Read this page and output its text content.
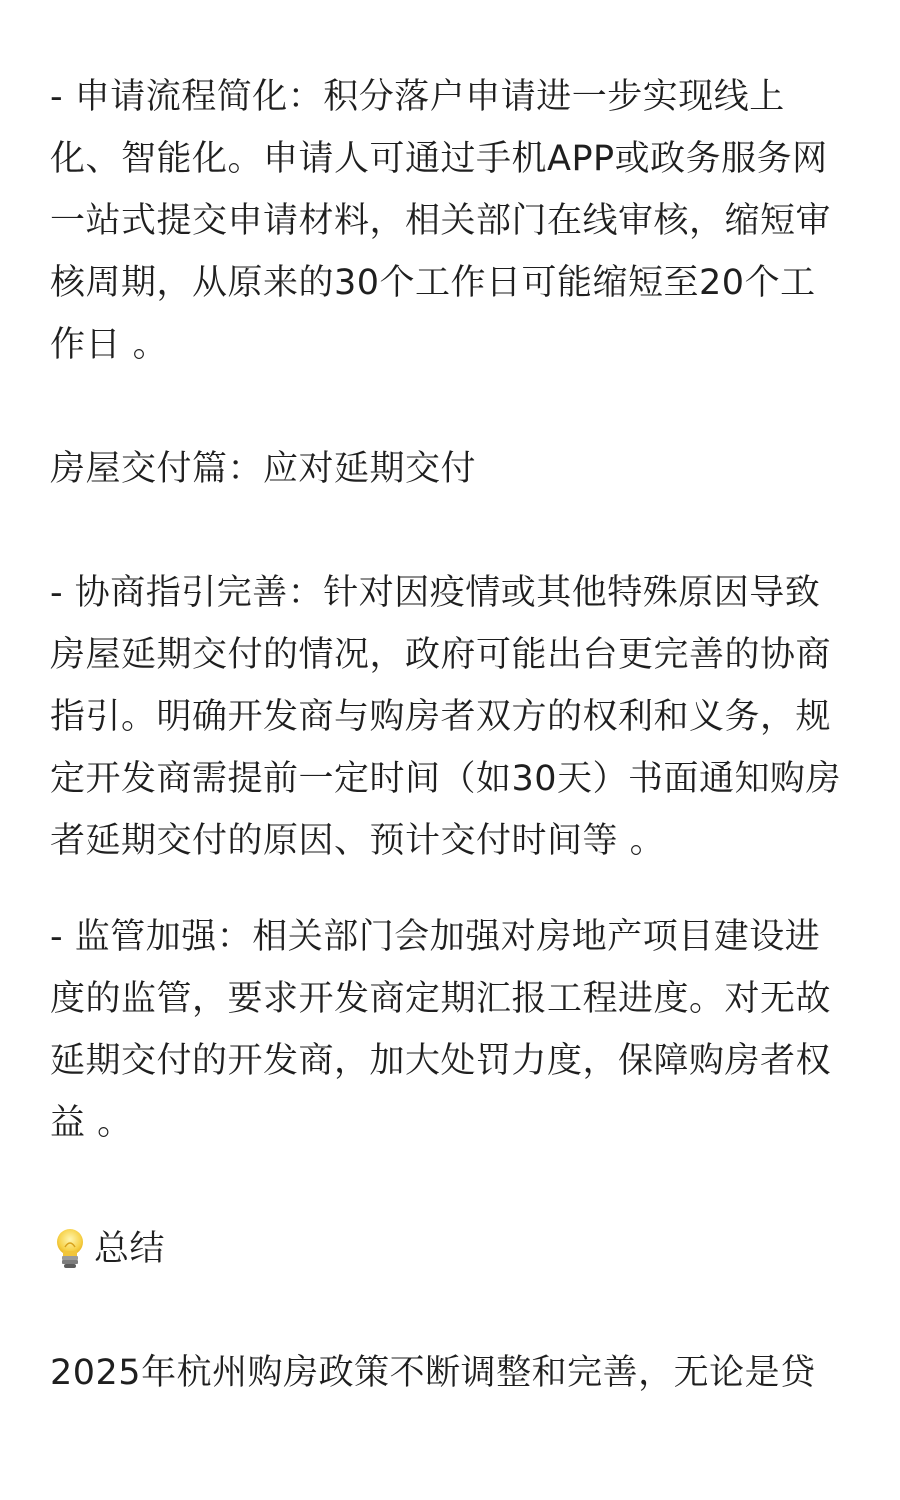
- 申请流程简化：积分落户申请进一步实现线上化、智能化。申请人可通过手机APP或政务服务网一站式提交申请材料，相关部门在线审核，缩短审核周期，从原来的30个工作日可能缩短至20个工作日 。

房屋交付篇：应对延期交付

- 协商指引完善：针对因疫情或其他特殊原因导致房屋延期交付的情况，政府可能出台更完善的协商指引。明确开发商与购房者双方的权利和义务，规定开发商需提前一定时间（如30天）书面通知购房者延期交付的原因、预计交付时间等 。

- 监管加强：相关部门会加强对房地产项目建设进度的监管，要求开发商定期汇报工程进度。对无故延期交付的开发商，加大处罚力度，保障购房者权益 。

总结

2025年杭州购房政策不断调整和完善，无论是贷
